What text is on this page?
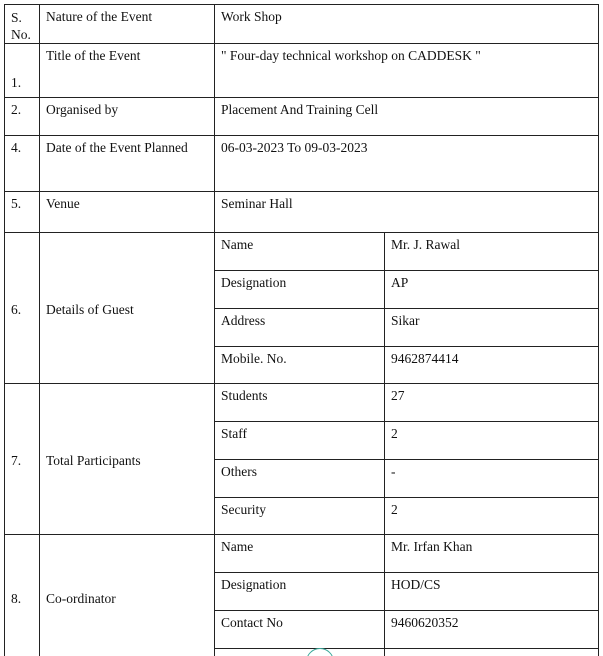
S. No.	Nature of the Event	Work Shop	
1.	Title of the Event	" Four-day technical workshop on CADDESK "	
2.	Organised by	Placement And Training Cell	
4.	Date of the Event Planned	06-03-2023 To 09-03-2023	
5.	Venue	Seminar Hall	
6.	Details of Guest	Name	Mr. J. Rawal
		Designation	AP
		Address	Sikar
		Mobile. No.	9462874414
7.	Total Participants	Students	27
		Staff	2
		Others	-
		Security	2
8.	Co-ordinator	Name	Mr. Irfan Khan
		Designation	HOD/CS
		Contact No	9460620352
